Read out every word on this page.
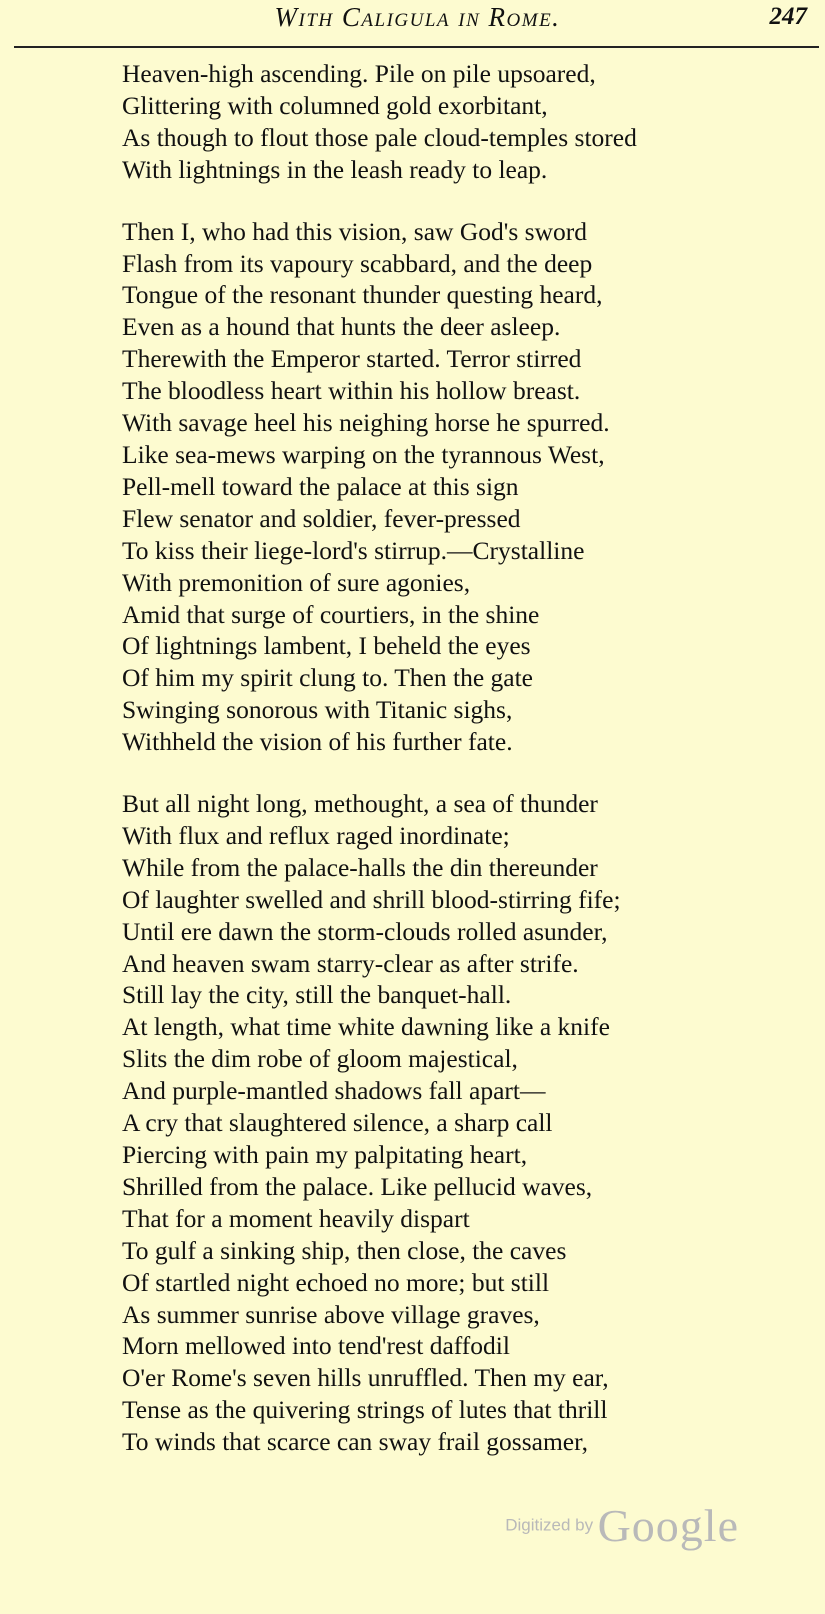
With Caligula in Rome.	247
Heaven-high ascending. Pile on pile upsoared,
Glittering with columned gold exorbitant,
As though to flout those pale cloud-temples stored
With lightnings in the leash ready to leap.
Then I, who had this vision, saw God's sword
Flash from its vapoury scabbard, and the deep
Tongue of the resonant thunder questing heard,
Even as a hound that hunts the deer asleep.
Therewith the Emperor started. Terror stirred
The bloodless heart within his hollow breast.
With savage heel his neighing horse he spurred.
Like sea-mews warping on the tyrannous West,
Pell-mell toward the palace at this sign
Flew senator and soldier, fever-pressed
To kiss their liege-lord's stirrup.—Crystalline
With premonition of sure agonies,
Amid that surge of courtiers, in the shine
Of lightnings lambent, I beheld the eyes
Of him my spirit clung to. Then the gate
Swinging sonorous with Titanic sighs,
Withheld the vision of his further fate.
But all night long, methought, a sea of thunder
With flux and reflux raged inordinate;
While from the palace-halls the din thereunder
Of laughter swelled and shrill blood-stirring fife;
Until ere dawn the storm-clouds rolled asunder,
And heaven swam starry-clear as after strife.
Still lay the city, still the banquet-hall.
At length, what time white dawning like a knife
Slits the dim robe of gloom majestical,
And purple-mantled shadows fall apart—
A cry that slaughtered silence, a sharp call
Piercing with pain my palpitating heart,
Shrilled from the palace. Like pellucid waves,
That for a moment heavily dispart
To gulf a sinking ship, then close, the caves
Of startled night echoed no more; but still
As summer sunrise above village graves,
Morn mellowed into tend'rest daffodil
O'er Rome's seven hills unruffled. Then my ear,
Tense as the quivering strings of lutes that thrill
To winds that scarce can sway frail gossamer,
Digitized by Google
